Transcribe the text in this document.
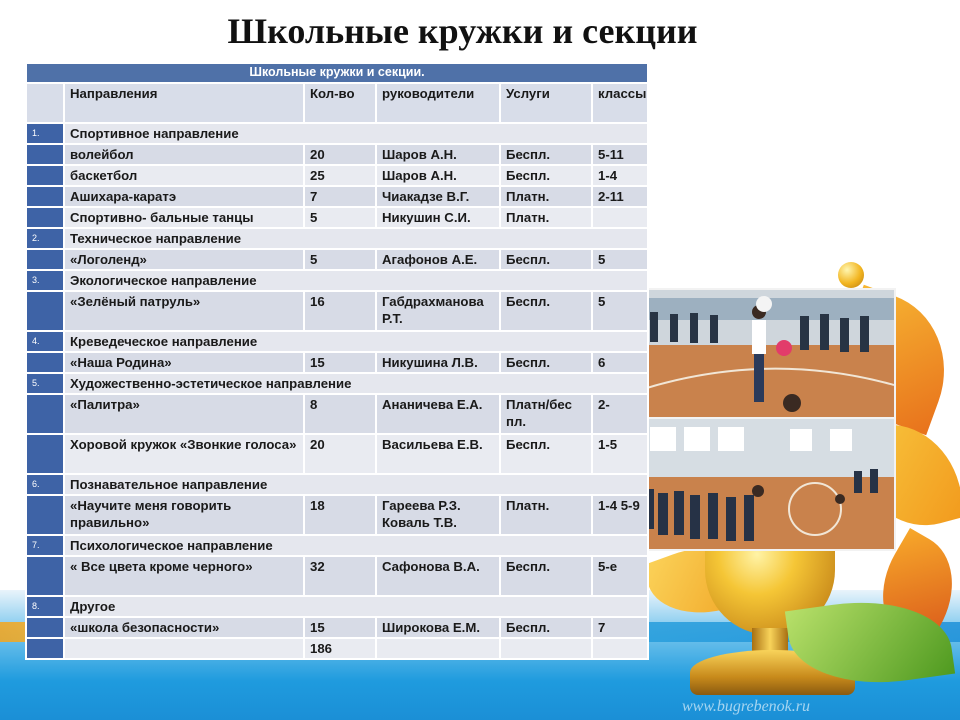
Школьные кружки и секции
Школьные кружки и секции.					
	Направления	Кол-во	руководители	Услуги	классы
1.	Спортивное направление				
	волейбол	20	Шаров А.Н.	Беспл.	5-11
	баскетбол	25	Шаров А.Н.	Беспл.	1-4
	Ашихара-каратэ	7	Чиакадзе В.Г.	Платн.	2-11
	Спортивно- бальные танцы	5	Никушин С.И.	Платн.	
2.	Техническое направление				
	«Логоленд»	5	Агафонов А.Е.	Беспл.	5
3.	Экологическое направление				
	«Зелёный патруль»	16	Габдрахманова Р.Т.	Беспл.	5
4.	Креведеческое направление				
	«Наша Родина»	15	Никушина Л.В.	Беспл.	6
5.	Художественно-эстетическое направление				
	«Палитра»	8	Ананичева Е.А.	Платн/бес пл.	2-
	Хоровой кружок «Звонкие голоса»	20	Васильева Е.В.	Беспл.	1-5
6.	Познавательное направление				
	«Научите меня говорить правильно»	18	Гареева Р.З. Коваль Т.В.	Платн.	1-4 5-9
7.	Психологическое направление				
	« Все цвета кроме черного»	32	Сафонова В.А.	Беспл.	5-е
8.	Другое				
	«школа безопасности»	15	Широкова Е.М.	Беспл.	7
		186			
www.bugrebenok.ru
